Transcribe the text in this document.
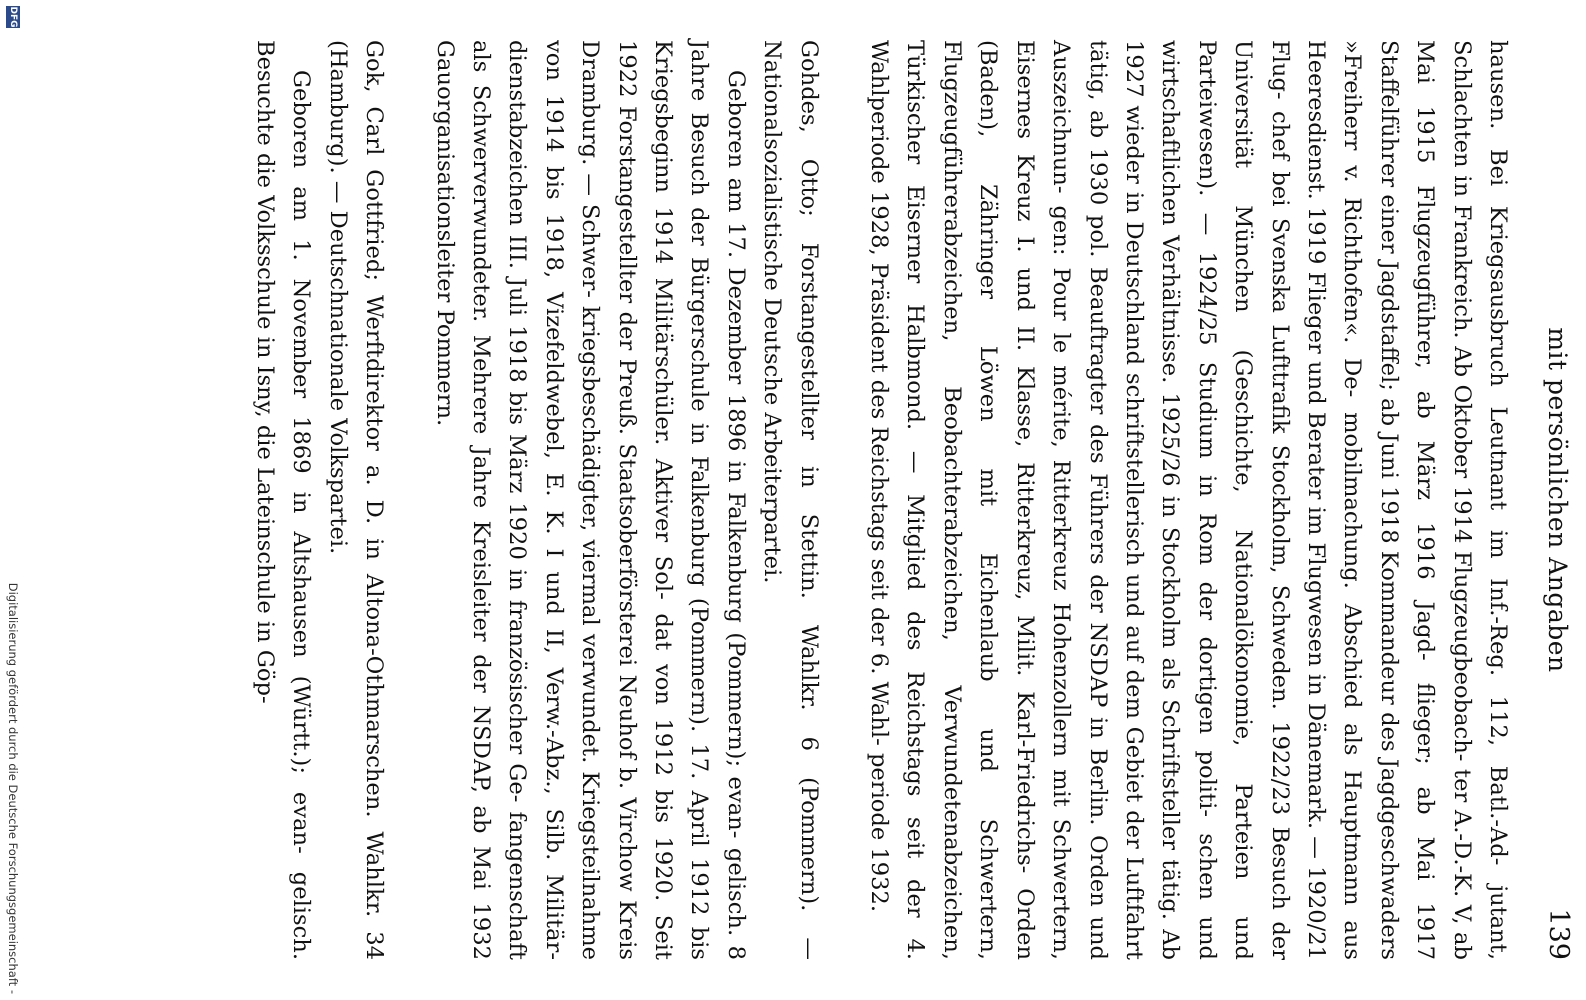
mit persönlichen Angaben
139

hausen. Bei Kriegsausbruch Leutnant im Inf.-Reg. 112, Batl.-Ad- jutant, Schlachten in Frankreich. Ab Oktober 1914 Flugzeugbeobach- ter A.-D.-K. V, ab Mai 1915 Flugzeugführer, ab März 1916 Jagd- flieger; ab Mai 1917 Staffelführer einer Jagdstaffel; ab Juni 1918 Kommandeur des Jagdgeschwaders »Freiherr v. Richthofen«. De- mobilmachung. Abschied als Hauptmann aus Heeresdienst. 1919 Flieger und Berater im Flugwesen in Dänemark. — 1920/21 Flug- chef bei Svenska Lufttrafik Stockholm, Schweden. 1922/23 Besuch der Universität München (Geschichte, Nationalökonomie, Parteien und Parteiwesen). — 1924/25 Studium in Rom der dortigen politi- schen und wirtschaftlichen Verhältnisse. 1925/26 in Stockholm als Schriftsteller tätig. Ab 1927 wieder in Deutschland schriftstellerisch und auf dem Gebiet der Luftfahrt tätig, ab 1930 pol. Beauftragter des Führers der NSDAP in Berlin. Orden und Auszeichnun- gen: Pour le mérite, Ritterkreuz Hohenzollern mit Schwertern, Eisernes Kreuz I. und II. Klasse, Ritterkreuz, Milit. Karl-Friedrichs- Orden (Baden), Zähringer Löwen mit Eichenlaub und Schwertern, Flugzeugführerabzeichen, Beobachterabzeichen, Verwundetenabzeichen, Türkischer Eiserner Halbmond. — Mitglied des Reichstags seit der 4. Wahlperiode 1928, Präsident des Reichstags seit der 6. Wahl- periode 1932.

Gohdes, Otto; Forstangestellter in Stettin. Wahlkr. 6 (Pommern). — Nationalsozialistische Deutsche Arbeiterpartei.

Geboren am 17. Dezember 1896 in Falkenburg (Pommern); evan- gelisch. 8 Jahre Besuch der Bürgerschule in Falkenburg (Pommern). 17. April 1912 bis Kriegsbeginn 1914 Militärschüler. Aktiver Sol- dat von 1912 bis 1920. Seit 1922 Forstangestellter der Preuß. Staatsoberförsterei Neuhof b. Virchow Kreis Dramburg. — Schwer- kriegsbeschädigter, viermal verwundet. Kriegsteilnahme von 1914 bis 1918, Vizefeldwebel, E. K. I und II, Verw.-Abz., Silb. Militär- dienstabzeichen III. Juli 1918 bis März 1920 in französischer Ge- fangenschaft als Schwerverwundeter. Mehrere Jahre Kreisleiter der NSDAP, ab Mai 1932 Gauorganisationsleiter Pommern.

Gok, Carl Gottfried; Werftdirektor a. D. in Altona-Othmarschen. Wahlkr. 34 (Hamburg). — Deutschnationale Volkspartei.

Geboren am 1. November 1869 in Altshausen (Württ.); evan- gelisch. Besuchte die Volksschule in Isny, die Lateinschule in Göp-

DFG
Digitalisierung gefördert durch die Deutsche Forschungsgemeinschaft -
